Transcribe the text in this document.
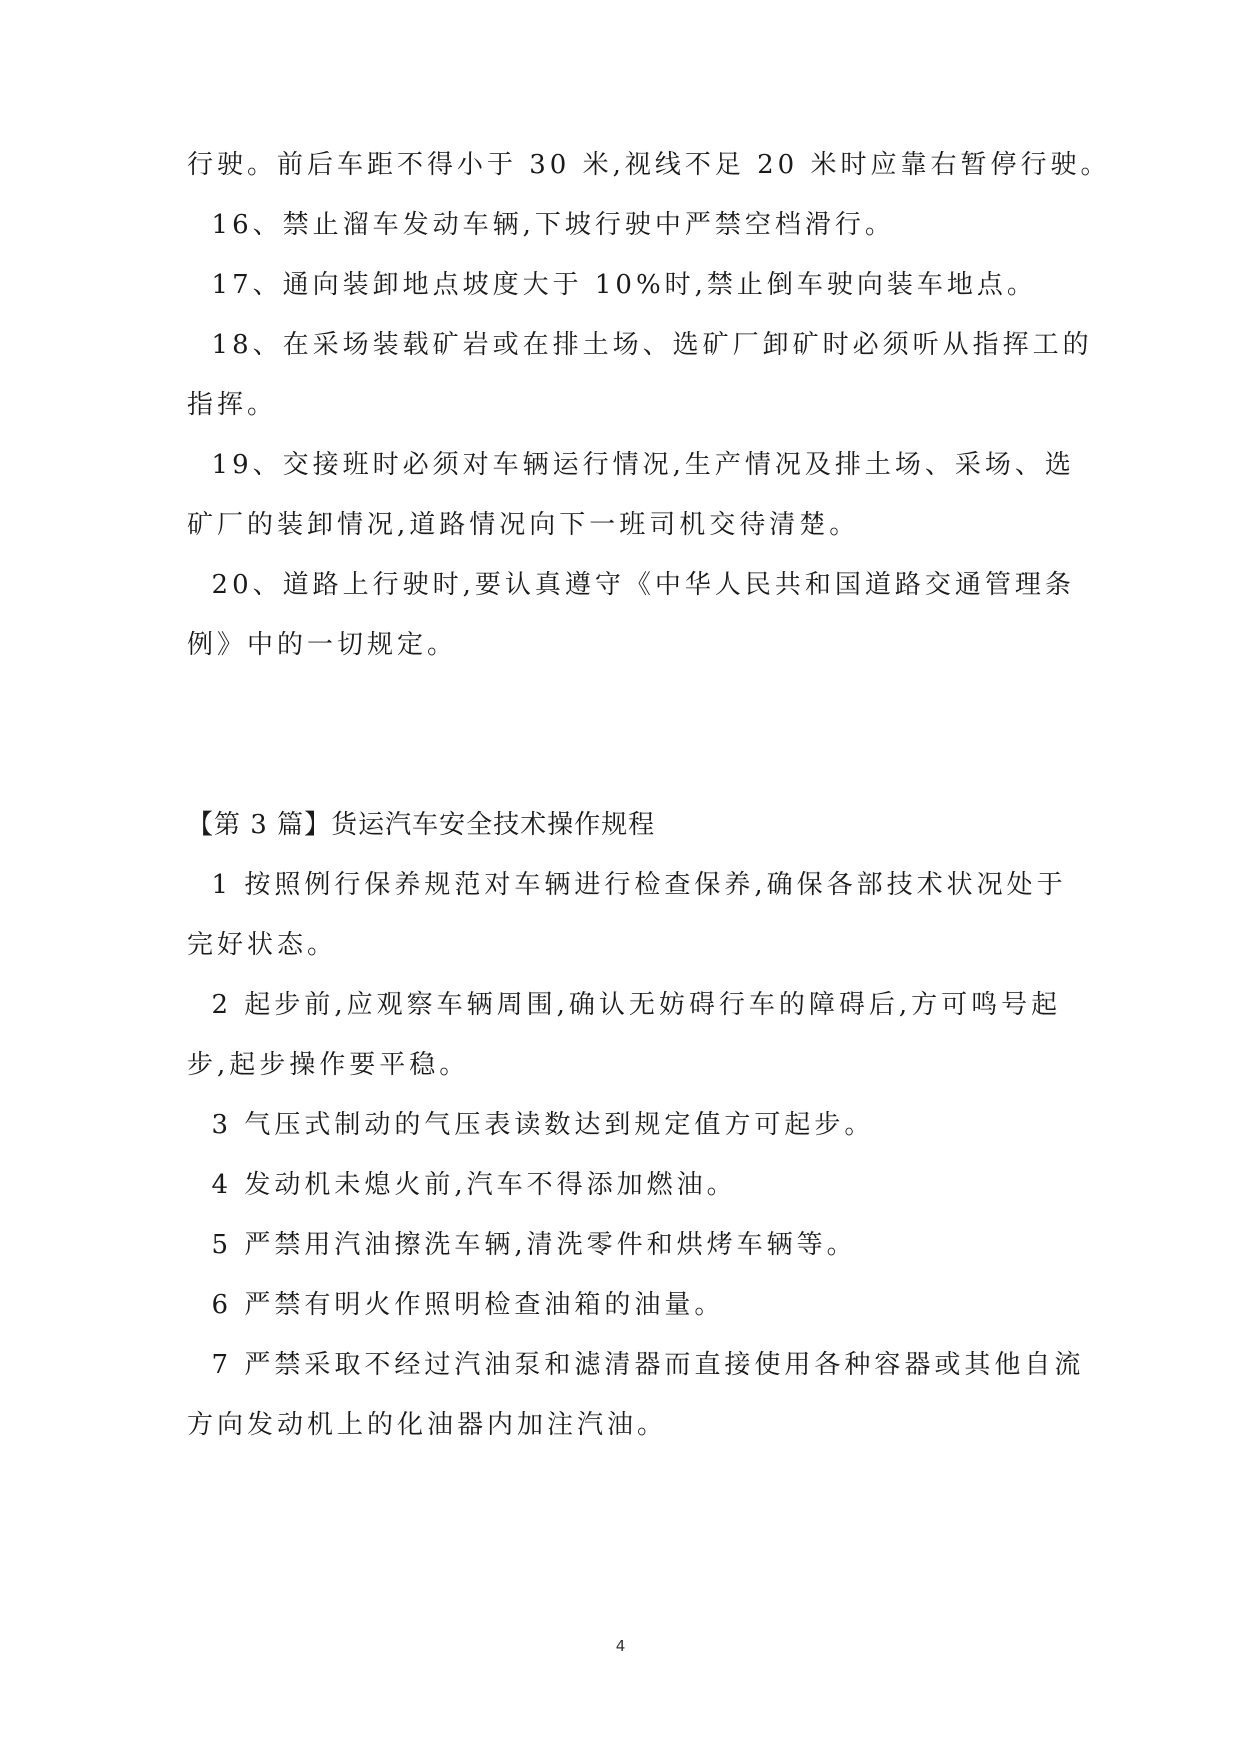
行驶。前后车距不得小于 30 米,视线不足 20 米时应靠右暂停行驶。
16、禁止溜车发动车辆,下坡行驶中严禁空档滑行。
17、通向装卸地点坡度大于 10%时,禁止倒车驶向装车地点。
18、在采场装载矿岩或在排土场、选矿厂卸矿时必须听从指挥工的
指挥。
19、交接班时必须对车辆运行情况,生产情况及排土场、采场、选
矿厂的装卸情况,道路情况向下一班司机交待清楚。
20、道路上行驶时,要认真遵守《中华人民共和国道路交通管理条
例》中的一切规定。
【第 3 篇】货运汽车安全技术操作规程
1 按照例行保养规范对车辆进行检查保养,确保各部技术状况处于
完好状态。
2 起步前,应观察车辆周围,确认无妨碍行车的障碍后,方可鸣号起
步,起步操作要平稳。
3 气压式制动的气压表读数达到规定值方可起步。
4 发动机未熄火前,汽车不得添加燃油。
5 严禁用汽油擦洗车辆,清洗零件和烘烤车辆等。
6 严禁有明火作照明检查油箱的油量。
7 严禁采取不经过汽油泵和滤清器而直接使用各种容器或其他自流
方向发动机上的化油器内加注汽油。
4
